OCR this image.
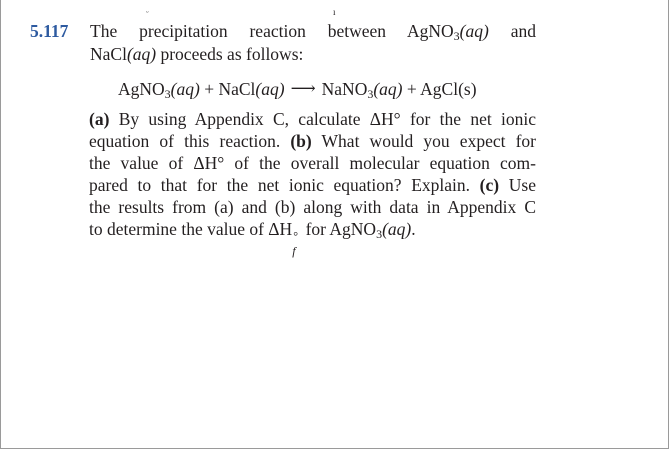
ᵕ	ı
5.117 The precipitation reaction between AgNO$_3$(aq) and
NaCl(aq) proceeds as follows:
AgNO$_3$(aq) + NaCl(aq) ⟶ NaNO$_3$(aq) + AgCl(s)
(a) By using Appendix C, calculate ΔH° for the net ionic
equation of this reaction. (b) What would you expect for
the value of ΔH° of the overall molecular equation com-
pared to that for the net ionic equation? Explain. (c) Use
the results from (a) and (b) along with data in Appendix C
to determine the value of ΔH °
f
for AgNO$_3$(aq).
